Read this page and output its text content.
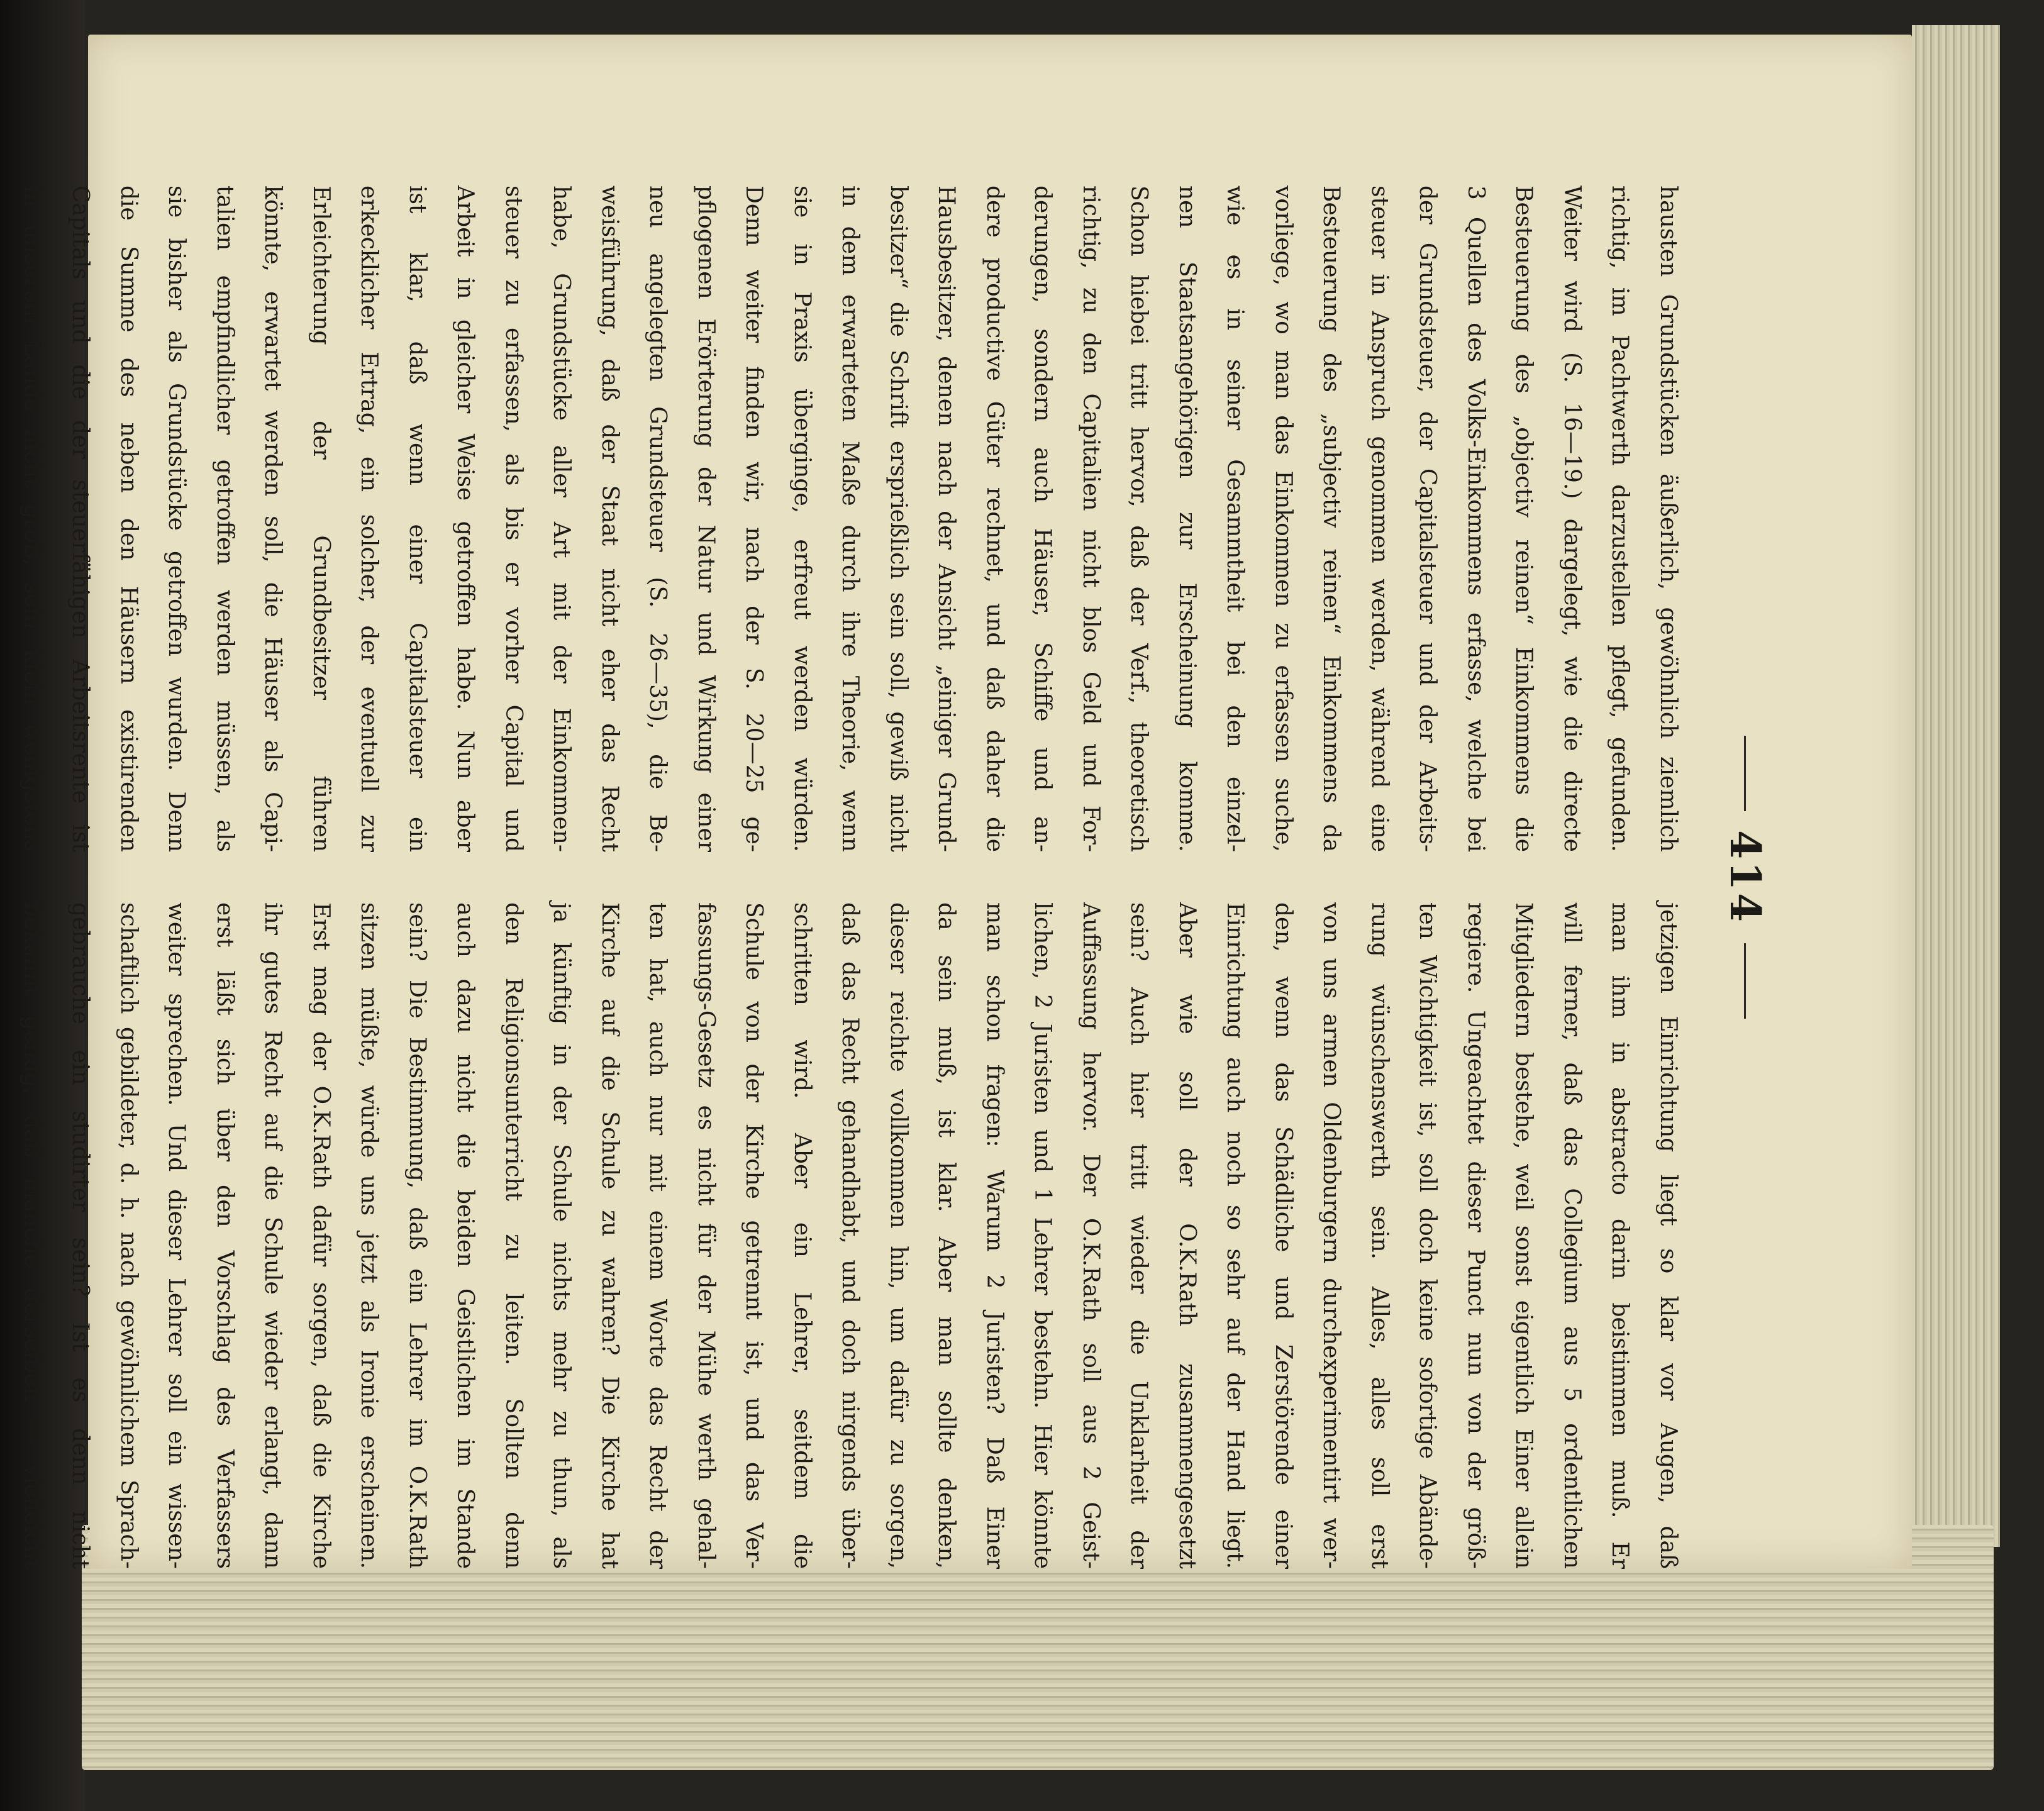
414
hausten Grundstücken äußerlich, gewöhnlich ziemlich
richtig, im Pachtwerth darzustellen pflegt, gefunden.
Weiter wird (S. 16—19.) dargelegt, wie die directe
Besteuerung des „objectiv reinen“ Einkommens die
3 Quellen des Volks-Einkommens erfasse, welche bei
der Grundsteuer, der Capitalsteuer und der Arbeits-
steuer in Anspruch genommen werden, während eine
Besteuerung des „subjectiv reinen“ Einkommens da
vorliege, wo man das Einkommen zu erfassen suche,
wie es in seiner Gesammtheit bei den einzel-
nen Staatsangehörigen zur Erscheinung komme.
Schon hiebei tritt hervor, daß der Verf., theoretisch
richtig, zu den Capitalien nicht blos Geld und For-
derungen, sondern auch Häuser, Schiffe und an-
dere productive Güter rechnet, und daß daher die
Hausbesitzer, denen nach der Ansicht „einiger Grund-
besitzer“ die Schrift ersprießlich sein soll, gewiß nicht
in dem erwarteten Maße durch ihre Theorie, wenn
sie in Praxis überginge, erfreut werden würden.
Denn weiter finden wir, nach der S. 20—25 ge-
pflogenen Erörterung der Natur und Wirkung einer
neu angelegten Grundsteuer (S. 26—35), die Be-
weisführung, daß der Staat nicht eher das Recht
habe, Grundstücke aller Art mit der Einkommen-
steuer zu erfassen, als bis er vorher Capital und
Arbeit in gleicher Weise getroffen habe. Nun aber
ist klar, daß wenn einer Capitalsteuer ein
erkecklicher Ertrag, ein solcher, der eventuell zur
Erleichterung der Grundbesitzer führen
könnte, erwartet werden soll, die Häuser als Capi-
talien empfindlicher getroffen werden müssen, als
sie bisher als Grundstücke getroffen wurden. Denn
die Summe des neben den Häusern existirenden
Capitals und die der steuerfähigen Arbeitsrente ist
in unserem Lande nicht groß, sehr klein wenigstens
jetzigen Einrichtung liegt so klar vor Augen, daß
man ihm in abstracto darin beistimmen muß. Er
will ferner, daß das Collegium aus 5 ordentlichen
Mitgliedern bestehe, weil sonst eigentlich Einer allein
regiere. Ungeachtet dieser Punct nun von der größ-
ten Wichtigkeit ist, soll doch keine sofortige Abände-
rung wünschenswerth sein. Alles, alles soll erst
von uns armen Oldenburgern durchexperimentirt wer-
den, wenn das Schädliche und Zerstörende einer
Einrichtung auch noch so sehr auf der Hand liegt.
Aber wie soll der O.K.Rath zusammengesetzt
sein? Auch hier tritt wieder die Unklarheit der
Auffassung hervor. Der O.K.Rath soll aus 2 Geist-
lichen, 2 Juristen und 1 Lehrer bestehn. Hier könnte
man schon fragen: Warum 2 Juristen? Daß Einer
da sein muß, ist klar. Aber man sollte denken,
dieser reichte vollkommen hin, um dafür zu sorgen,
daß das Recht gehandhabt, und doch nirgends über-
schritten wird. Aber ein Lehrer, seitdem die
Schule von der Kirche getrennt ist, und das Ver-
fassungs-Gesetz es nicht für der Mühe werth gehal-
ten hat, auch nur mit einem Worte das Recht der
Kirche auf die Schule zu wahren? Die Kirche hat
ja künftig in der Schule nichts mehr zu thun, als
den Religionsunterricht zu leiten. Sollten denn
auch dazu nicht die beiden Geistlichen im Stande
sein? Die Bestimmung, daß ein Lehrer im O.K.Rath
sitzen müßte, würde uns jetzt als Ironie erscheinen.
Erst mag der O.K.Rath dafür sorgen, daß die Kirche
ihr gutes Recht auf die Schule wieder erlangt, dann
erst läßt sich über den Vorschlag des Verfassers
weiter sprechen. Und dieser Lehrer soll ein wissen-
schaftlich gebildeter, d. h. nach gewöhnlichem Sprach-
gebrauche ein studirter sein? Ist es denn nicht
bekannt genug, daß manche derselben — vielleicht
